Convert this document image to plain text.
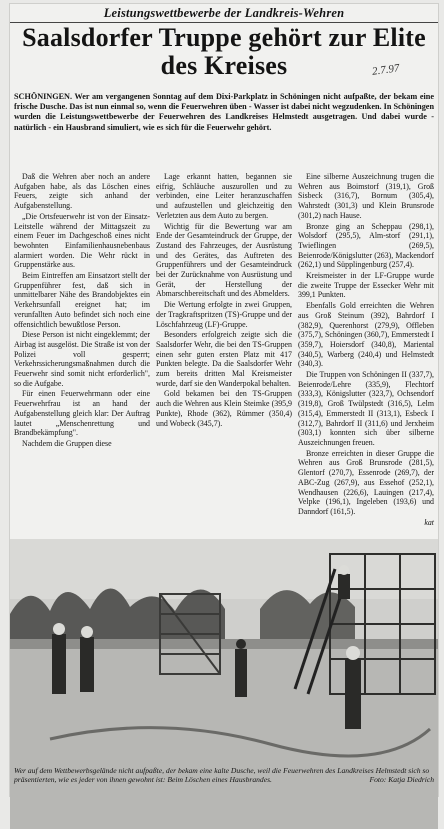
Leistungswettbewerbe der Landkreis-Wehren
Saalsdorfer Truppe gehört zur Elite des Kreises	2.7.97
SCHÖNINGEN. Wer am vergangenen Sonntag auf dem Dixi-Parkplatz in Schöningen nicht aufpaßte, der bekam eine frische Dusche. Das ist nun einmal so, wenn die Feuerwehren üben - Wasser ist dabei nicht wegzudenken. In Schöningen wurden die Leistungswettbewerbe der Feuerwehren des Landkreises Helmstedt ausgetragen. Und dabei wurde - natürlich - ein Hausbrand simuliert, wie es sich für die Feuerwehr gehört.

Daß die Wehren aber noch an andere Aufgaben habe, als das Löschen eines Feuers, zeigte sich anhand der Aufgabenstellung.

„Die Ortsfeuerwehr ist von der Einsatz-Leitstelle während der Mittagszeit zu einem Feuer im Dachgeschoß eines nicht bewohnten Einfamilienhausnebenbaus alarmiert worden. Die Wehr rückt in Gruppenstärke aus.

Beim Eintreffen am Einsatzort stellt der Gruppenführer fest, daß sich in unmittelbarer Nähe des Brandobjektes ein Verkehrsunfall ereignet hat; im verunfallten Auto befindet sich noch eine offensichtlich bewußtlose Person.

Diese Person ist nicht eingeklemmt; der Airbag ist ausgelöst. Die Straße ist von der Polizei voll gesperrt; Verkehrssicherungsmaßnahmen durch die Feuerwehr sind somit nicht erforderlich", so die Aufgabe.

Für einen Feuerwehrmann oder eine Feuerwehrfrau ist an hand der Aufgabenstellung gleich klar: Der Auftrag lautet „Menschenrettung und Brandbekämpfung".

Nachdem die Gruppen diese

Lage erkannt hatten, begannen sie eifrig, Schläuche auszurollen und zu verbinden, eine Leiter heranzuschaffen und aufzustellen und gleichzeitig den Verletzten aus dem Auto zu bergen.

Wichtig für die Bewertung war am Ende der Gesamteindruck der Gruppe, der Zustand des Fahrzeuges, der Ausrüstung und des Gerätes, das Auftreten des Gruppenführers und der Gesamteindruck bei der Zurücknahme von Ausrüstung und Gerät, der Herstellung der Abmarschbereitschaft und des Abmelders.

Die Wertung erfolgte in zwei Gruppen, der Tragkraftspritzen (TS)-Gruppe und der Löschfahrzeug (LF)-Gruppe.

Besonders erfolgreich zeigte sich die Saalsdorfer Wehr, die bei den TS-Gruppen einen sehr guten ersten Platz mit 417 Punkten belegte. Da die Saalsdorfer Wehr zum bereits dritten Mal Kreismeister wurde, darf sie den Wanderpokal behalten.

Gold bekamen bei den TS-Gruppen auch die Wehren aus Klein Steimke (395,9 Punkte), Rhode (362), Rümmer (350,4) und Wobeck (345,7).

Eine silberne Auszeichnung trugen die Wehren aus Boimstorf (319,1), Groß Sisbeck (316,7), Bornum (305,4), Wahrstedt (301,3) und Klein Brunsrode (301,2) nach Hause.

Bronze ging an Scheppau (298,1), Wolsdorf (295,5), Alm-storf (291,1), Twieflingen (269,5), Beienrode/Königslutter (263), Mackendorf (262,1) und Süpplingenburg (257,4).

Kreismeister in der LF-Gruppe wurde die zweite Truppe der Essecker Wehr mit 399,1 Punkten.

Ebenfalls Gold erreichten die Wehren aus Groß Steinum (392), Bahrdorf I (382,9), Querenhorst (279,9), Offleben (375,7), Schöningen (360,7), Emmerstedt I (359,7), Hoiersdorf (340,8), Mariental (340,5), Warberg (240,4) und Helmstedt (340,3).

Die Truppen von Schöningen II (337,7), Beienrode/Lehre (335,9), Flechtorf (333,3), Königslutter (323,7), Ochsendorf (319,8), Groß Twülpstedt (316,5), Lelm (315,4), Emmerstedt II (313,1), Esbeck I (312,7), Bahrdorf II (311,6) und Jerxheim (303,1) konnten sich über silberne Auszeichnungen freuen.

Bronze erreichten in dieser Gruppe die Wehren aus Groß Brunsrode (281,5), Glentorf (270,7), Essenrode (269,7), der ABC-Zug (267,9), aus Essehof (252,1), Wendhausen (226,6), Lauingen (217,4), Velpke (196,1), Ingeleben (193,6) und Danndorf (161,5).

kat

Wer auf dem Wettbewerbsgelände nicht aufpaßte, der bekam eine kalte Dusche, weil die Feuerwehren des Landkreises Helmstedt sich so präsentierten, wie es jeder von ihnen gewohnt ist: Beim Löschen eines Hausbrandes.	Foto: Katja Diedrich
